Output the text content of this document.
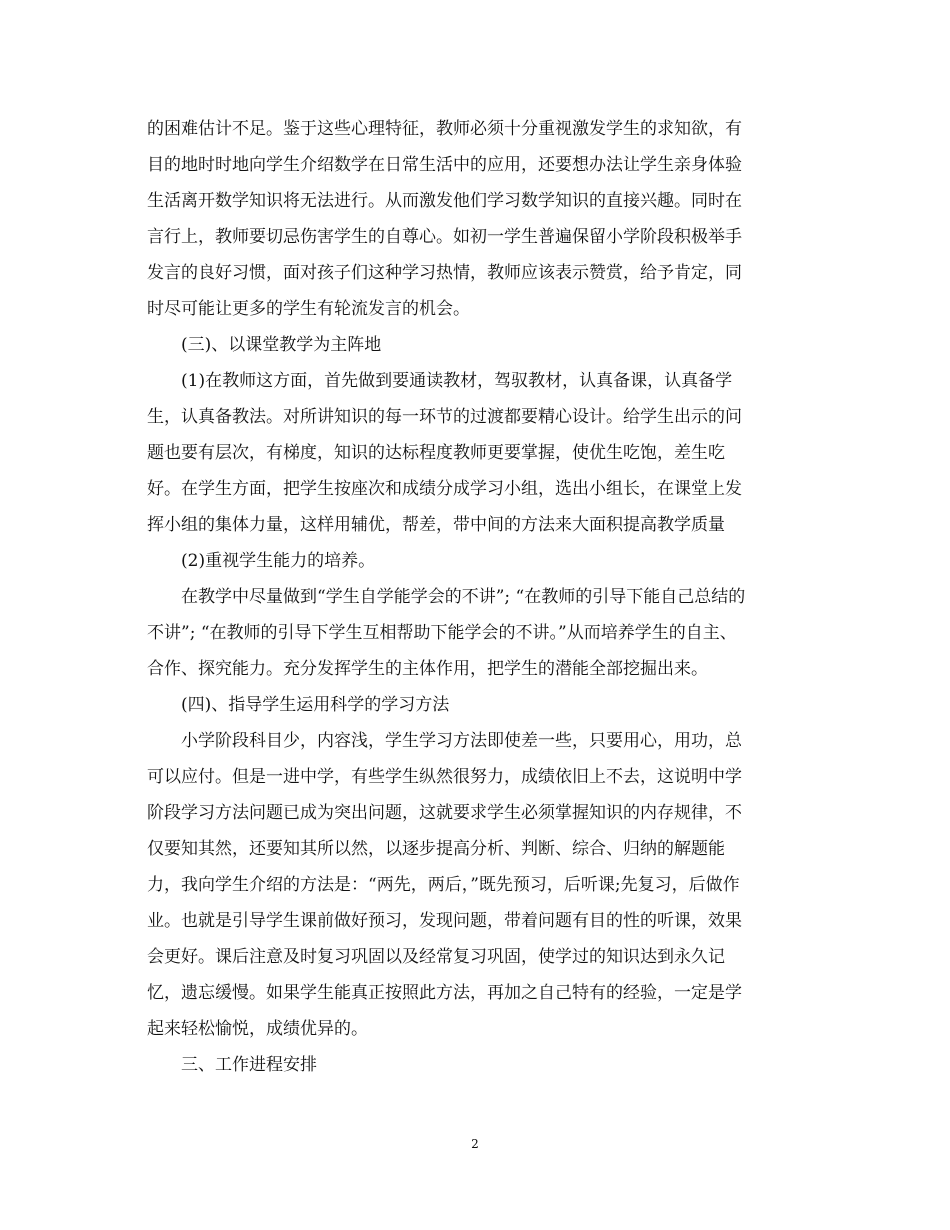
的困难估计不足。鉴于这些心理特征，教师必须十分重视激发学生的求知欲，有
目的地时时地向学生介绍数学在日常生活中的应用，还要想办法让学生亲身体验
生活离开数学知识将无法进行。从而激发他们学习数学知识的直接兴趣。同时在
言行上，教师要切忌伤害学生的自尊心。如初一学生普遍保留小学阶段积极举手
发言的良好习惯，面对孩子们这种学习热情，教师应该表示赞赏，给予肯定，同
时尽可能让更多的学生有轮流发言的机会。
(三)、以课堂教学为主阵地
(1)在教师这方面，首先做到要通读教材，驾驭教材，认真备课，认真备学
生，认真备教法。对所讲知识的每一环节的过渡都要精心设计。给学生出示的问
题也要有层次，有梯度，知识的达标程度教师更要掌握，使优生吃饱，差生吃
好。在学生方面，把学生按座次和成绩分成学习小组，选出小组长，在课堂上发
挥小组的集体力量，这样用辅优，帮差，带中间的方法来大面积提高教学质量
(2)重视学生能力的培养。
在教学中尽量做到“学生自学能学会的不讲”; “在教师的引导下能自己总结的
不讲”; “在教师的引导下学生互相帮助下能学会的不讲。”从而培养学生的自主、
合作、探究能力。充分发挥学生的主体作用，把学生的潜能全部挖掘出来。
(四)、指导学生运用科学的学习方法
小学阶段科目少，内容浅，学生学习方法即使差一些，只要用心，用功，总
可以应付。但是一进中学，有些学生纵然很努力，成绩依旧上不去，这说明中学
阶段学习方法问题已成为突出问题，这就要求学生必须掌握知识的内存规律，不
仅要知其然，还要知其所以然，以逐步提高分析、判断、综合、归纳的解题能
力，我向学生介绍的方法是：“两先，两后，”既先预习，后听课;先复习，后做作
业。也就是引导学生课前做好预习，发现问题，带着问题有目的性的听课，效果
会更好。课后注意及时复习巩固以及经常复习巩固，使学过的知识达到永久记
忆，遗忘缓慢。如果学生能真正按照此方法，再加之自己特有的经验，一定是学
起来轻松愉悦，成绩优异的。
三、工作进程安排
2
